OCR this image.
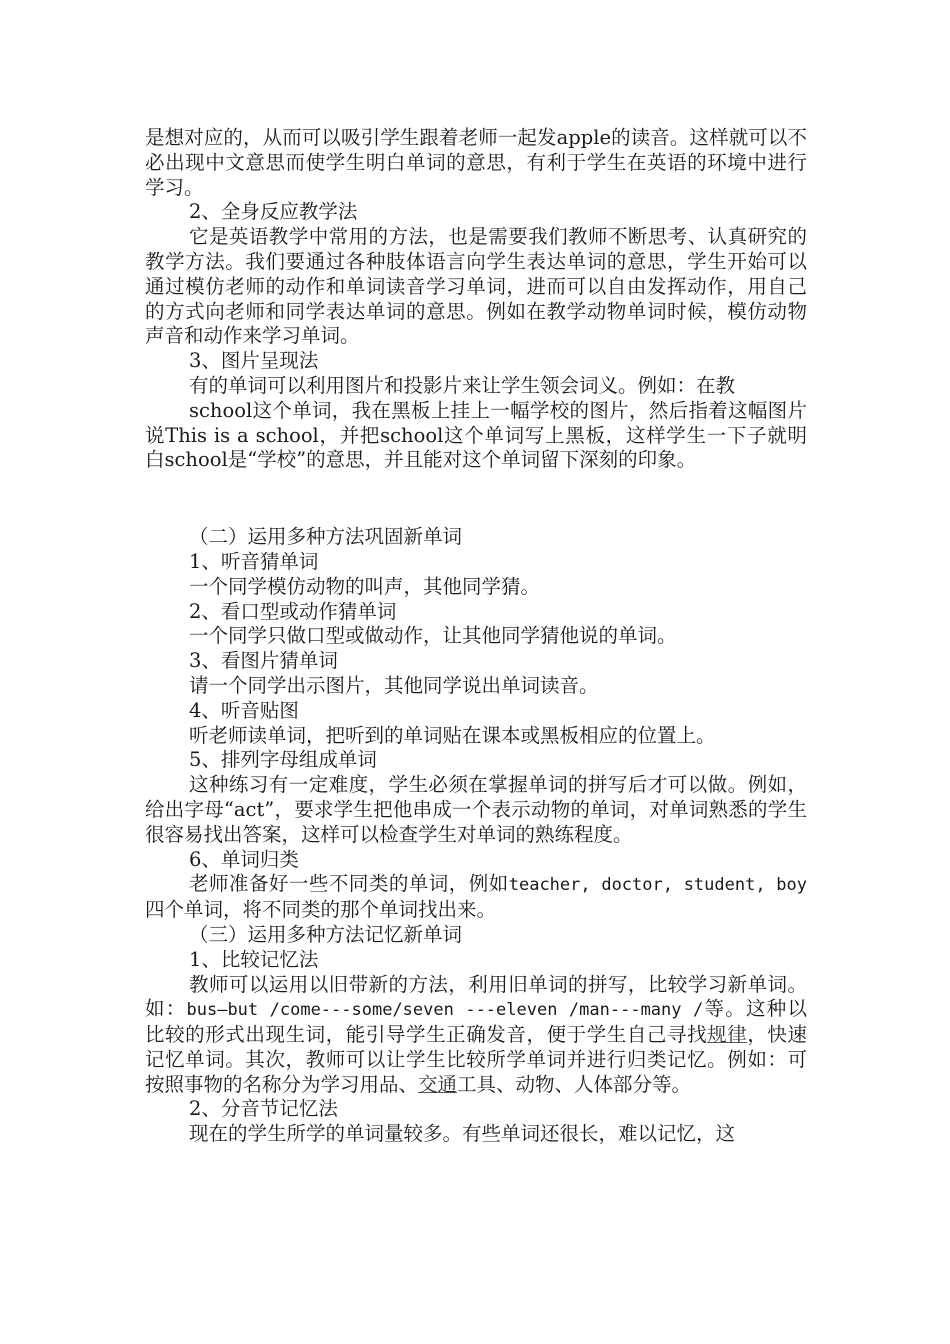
是想对应的，从而可以吸引学生跟着老师一起发apple的读音。这样就可以不必出现中文意思而使学生明白单词的意思，有利于学生在英语的环境中进行学习。

2、全身反应教学法

它是英语教学中常用的方法，也是需要我们教师不断思考、认真研究的教学方法。我们要通过各种肢体语言向学生表达单词的意思，学生开始可以通过模仿老师的动作和单词读音学习单词，进而可以自由发挥动作，用自己的方式向老师和同学表达单词的意思。例如在教学动物单词时候，模仿动物声音和动作来学习单词。

3、图片呈现法

有的单词可以利用图片和投影片来让学生领会词义。例如：在教

school这个单词，我在黑板上挂上一幅学校的图片，然后指着这幅图片说This is a school，并把school这个单词写上黑板，这样学生一下子就明白school是“学校”的意思，并且能对这个单词留下深刻的印象。

（二）运用多种方法巩固新单词

1、听音猜单词

一个同学模仿动物的叫声，其他同学猜。

2、看口型或动作猜单词

一个同学只做口型或做动作，让其他同学猜他说的单词。

3、看图片猜单词

请一个同学出示图片，其他同学说出单词读音。

4、听音贴图

听老师读单词，把听到的单词贴在课本或黑板相应的位置上。

5、排列字母组成单词

这种练习有一定难度，学生必须在掌握单词的拼写后才可以做。例如，给出字母“act”，要求学生把他串成一个表示动物的单词，对单词熟悉的学生很容易找出答案，这样可以检查学生对单词的熟练程度。

6、单词归类

老师准备好一些不同类的单词，例如teacher, doctor, student, boy四个单词，将不同类的那个单词找出来。

（三）运用多种方法记忆新单词

1、比较记忆法

教师可以运用以旧带新的方法，利用旧单词的拼写，比较学习新单词。如：bus—but /come---some/seven ---eleven /man---many /等。这种以比较的形式出现生词，能引导学生正确发音，便于学生自己寻找规律，快速记忆单词。其次，教师可以让学生比较所学单词并进行归类记忆。例如：可按照事物的名称分为学习用品、交通工具、动物、人体部分等。

2、分音节记忆法

现在的学生所学的单词量较多。有些单词还很长，难以记忆，这
